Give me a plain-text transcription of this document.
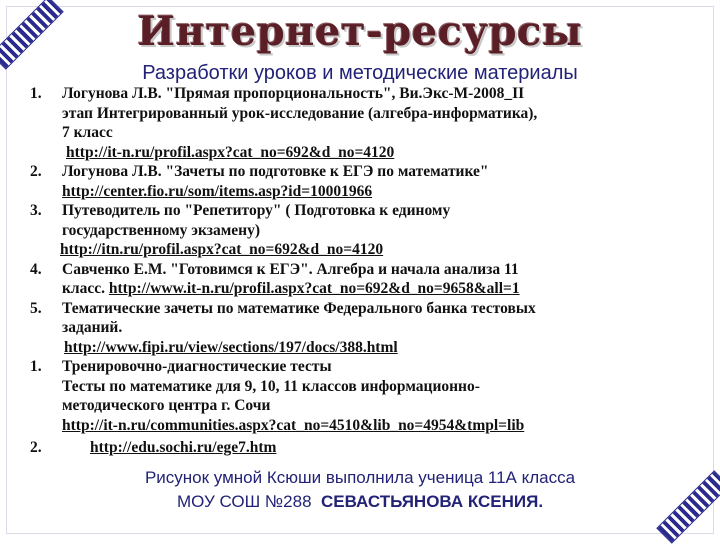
Интернет-ресурсы
Разработки уроков и методические материалы
1.	Логунова Л.В. "Прямая пропорциональность", Ви.Экс-М-2008_II
этап Интегрированный урок-исследование (алгебра-информатика),
7 класс
http://it-n.ru/profil.aspx?cat_no=692&d_no=4120
2.	Логунова Л.В. "Зачеты по подготовке к ЕГЭ по математике"
http://center.fio.ru/som/items.asp?id=10001966
3.	Путеводитель по "Репетитору" ( Подготовка к единому
государственному экзамену)
http://itn.ru/profil.aspx?cat_no=692&d_no=4120
4.	Савченко Е.М. "Готовимся к ЕГЭ". Алгебра и начала анализа 11
класс. http://www.it-n.ru/profil.aspx?cat_no=692&d_no=9658&all=1
5.	Тематические зачеты по математике Федерального банка тестовых
заданий.
http://www.fipi.ru/view/sections/197/docs/388.html
1.	Тренировочно-диагностические тесты
Тесты по математике для 9, 10, 11 классов информационно-
методического центра г. Сочи
http://it-n.ru/communities.aspx?cat_no=4510&lib_no=4954&tmpl=lib
2.	http://edu.sochi.ru/ege7.htm
Рисунок умной Ксюши выполнила ученица 11А класса
МОУ СОШ №288 СЕВАСТЬЯНОВА КСЕНИЯ.
